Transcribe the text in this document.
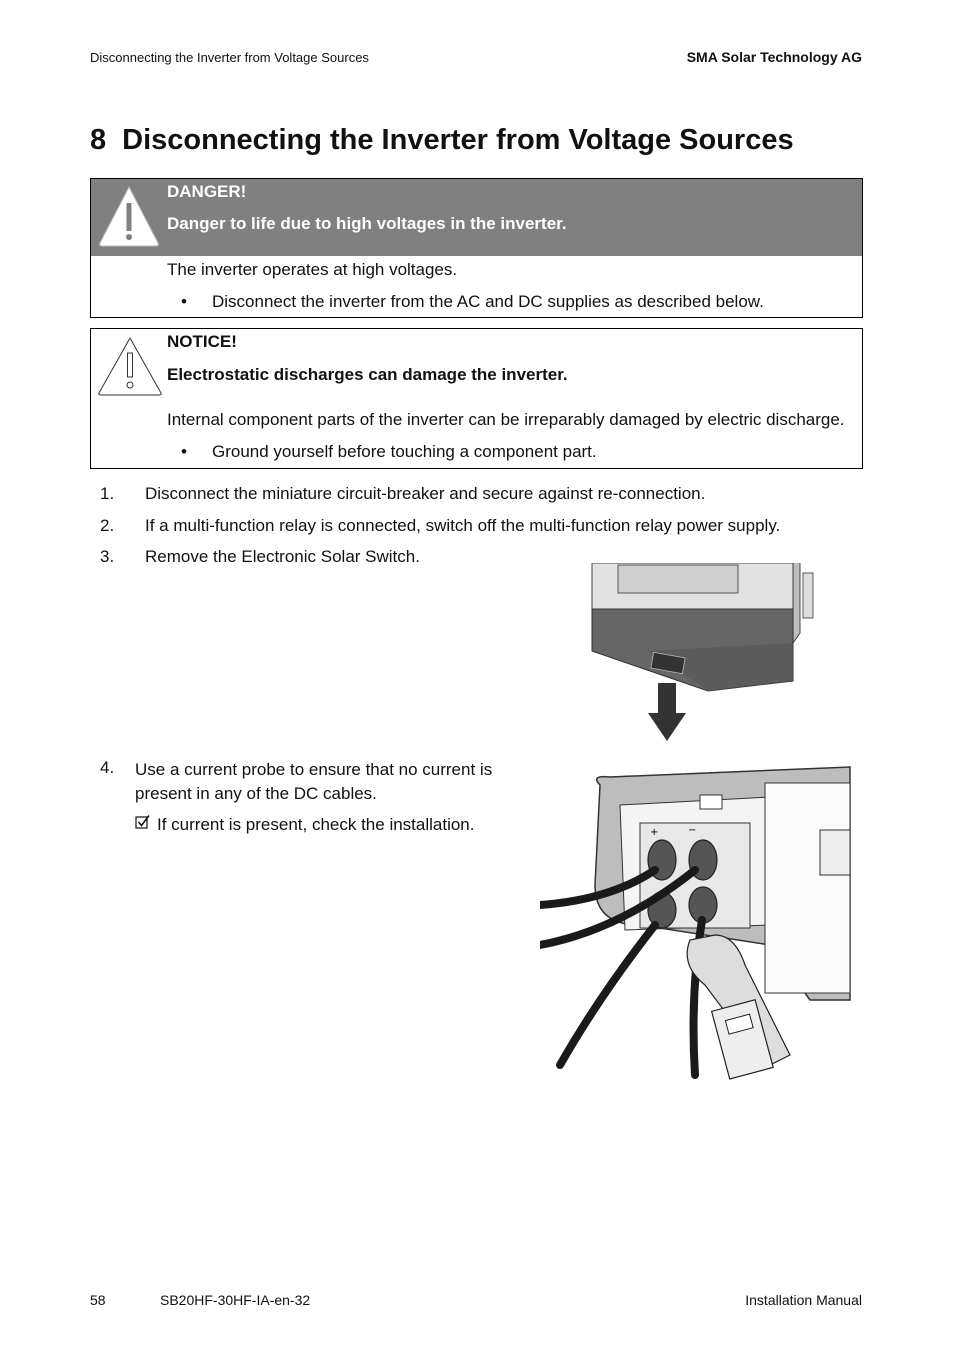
Disconnecting the Inverter from Voltage Sources	SMA Solar Technology AG
8 Disconnecting the Inverter from Voltage Sources
DANGER!
Danger to life due to high voltages in the inverter.
The inverter operates at high voltages.
• Disconnect the inverter from the AC and DC supplies as described below.
NOTICE!
Electrostatic discharges can damage the inverter.
Internal component parts of the inverter can be irreparably damaged by electric discharge.
• Ground yourself before touching a component part.
1. Disconnect the miniature circuit-breaker and secure against re-connection.
2. If a multi-function relay is connected, switch off the multi-function relay power supply.
3. Remove the Electronic Solar Switch.
4. Use a current probe to ensure that no current is present in any of the DC cables.
If current is present, check the installation.	+	−
58	SB20HF-30HF-IA-en-32	Installation Manual
